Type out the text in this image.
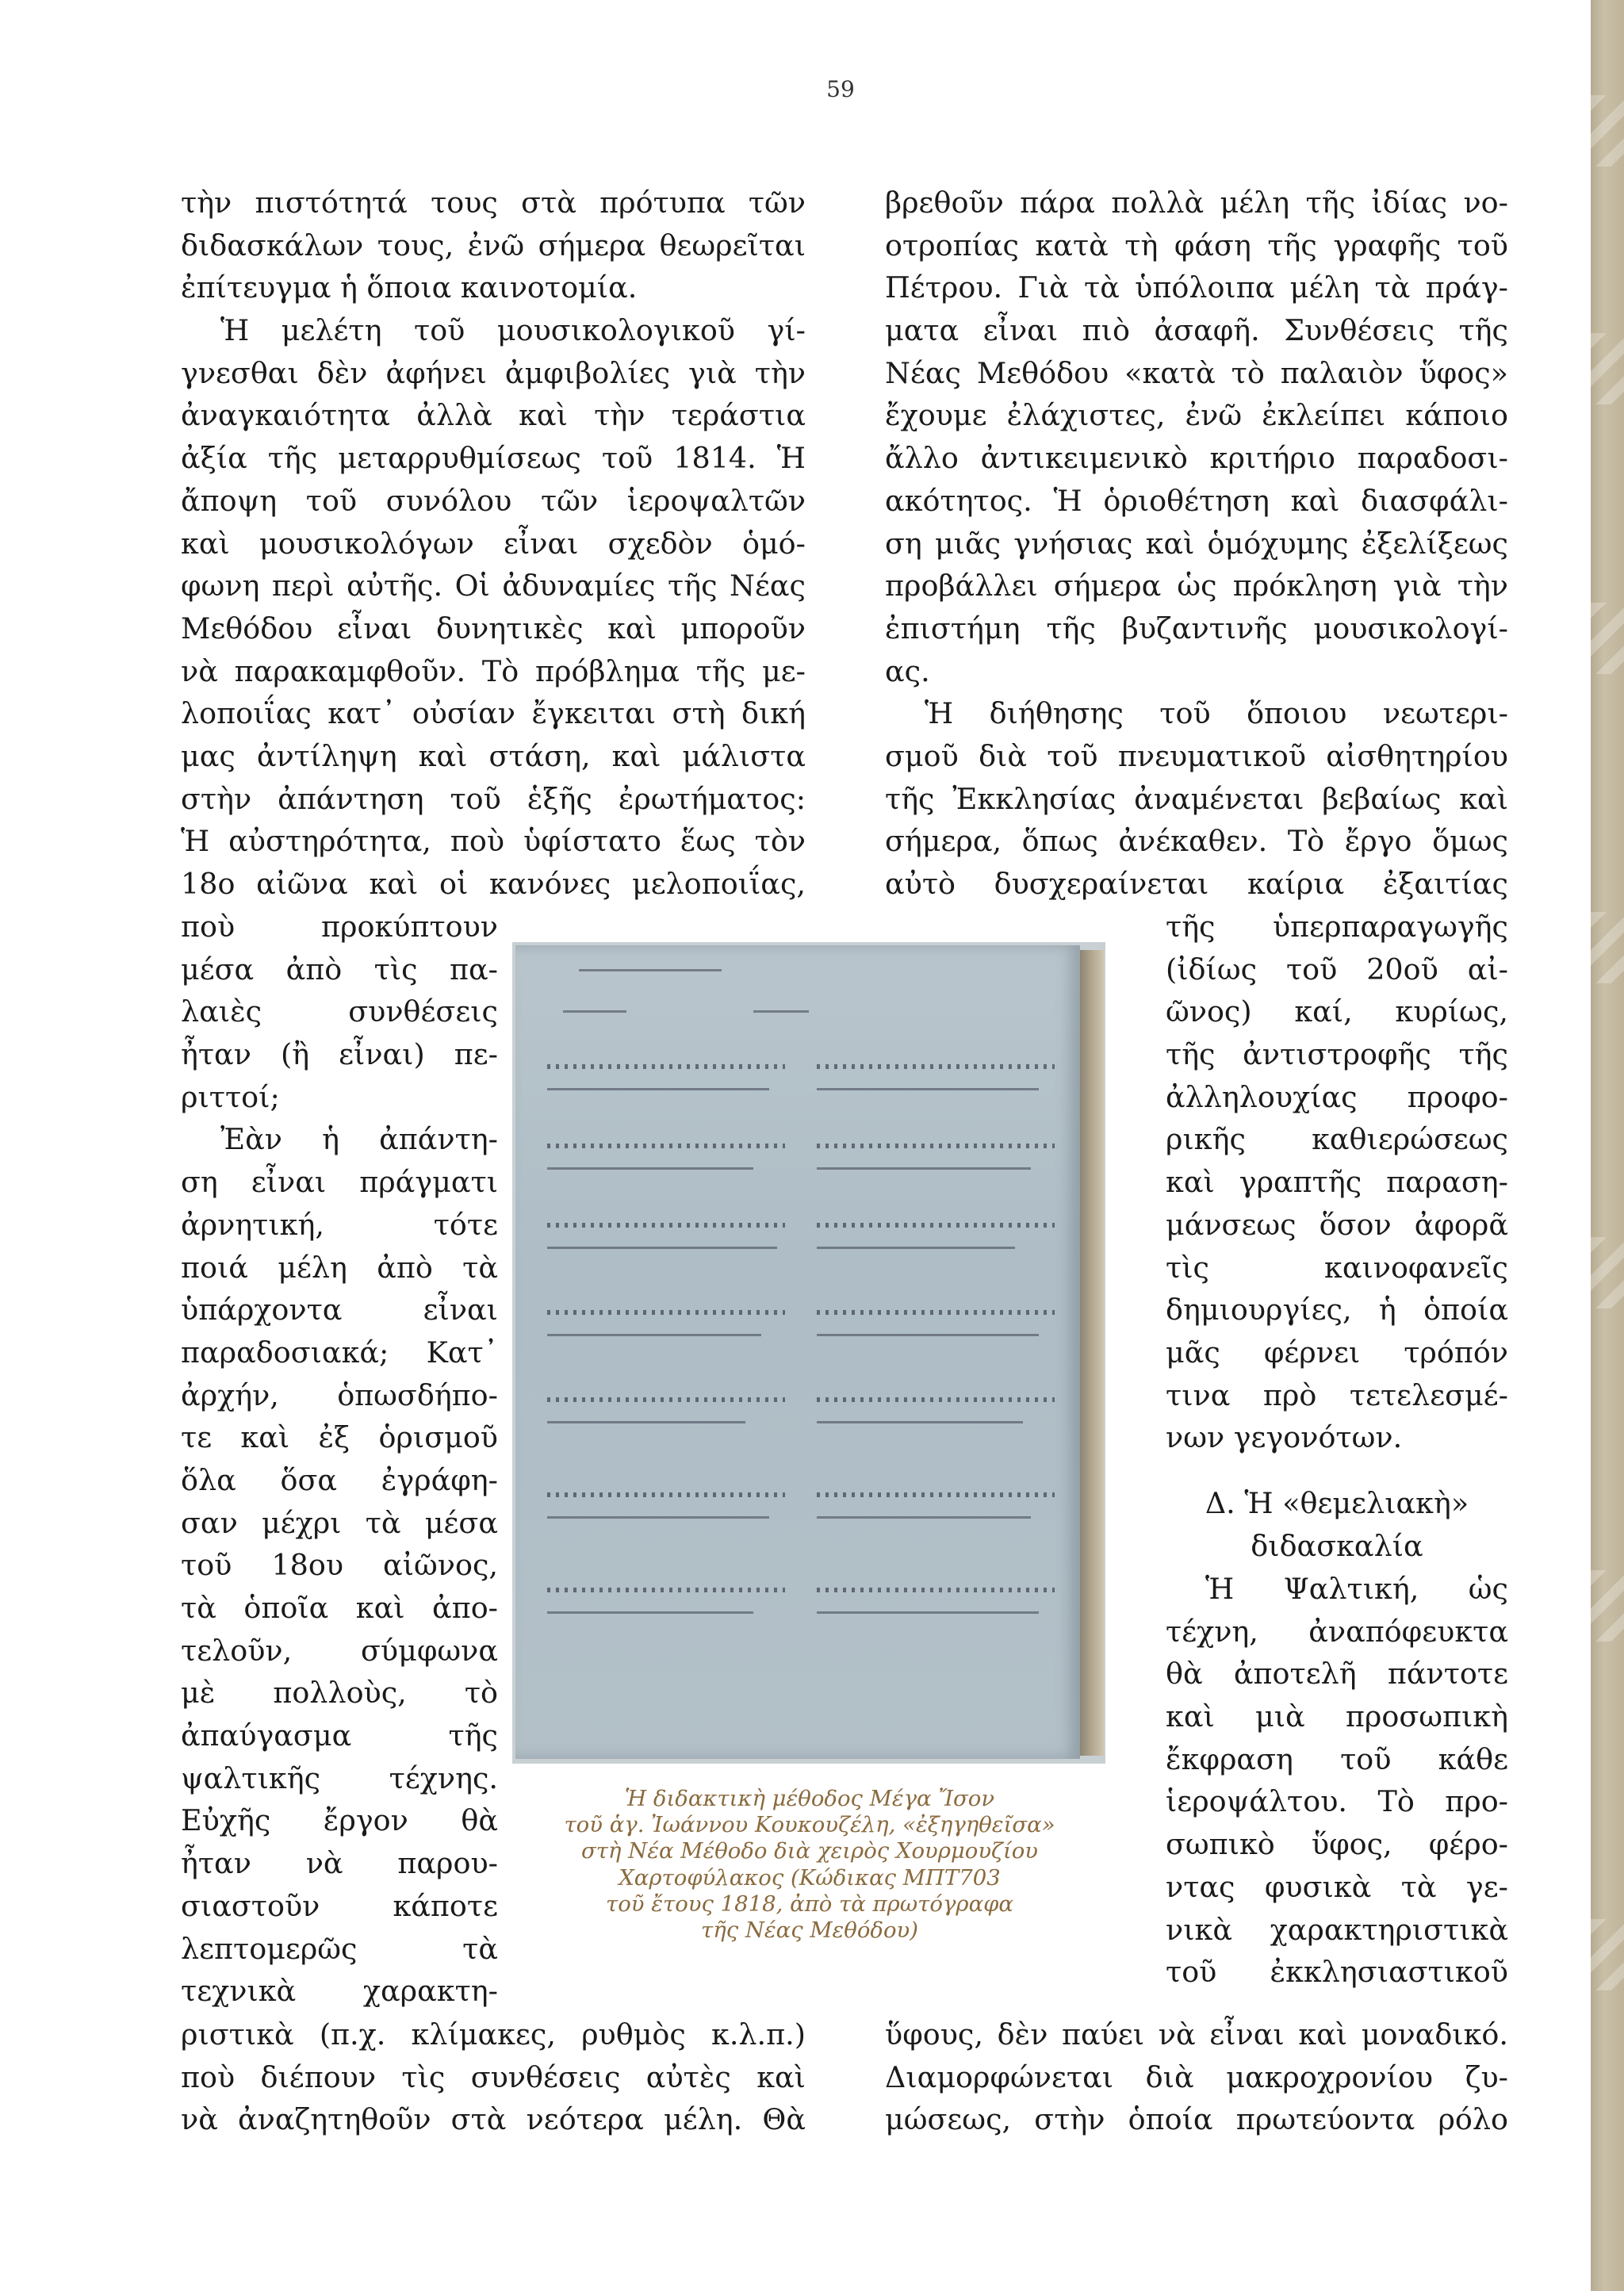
59
τὴν πιστότητά τους στὰ πρότυπα τῶν
διδασκάλων τους, ἐνῶ σήμερα θεωρεῖται
ἐπίτευγμα ἡ ὅποια καινοτομία.
Ἡ μελέτη τοῦ μουσικολογικοῦ γί-
γνεσθαι δὲν ἀφήνει ἀμφιβολίες γιὰ τὴν
ἀναγκαιότητα ἀλλὰ καὶ τὴν τεράστια
ἀξία τῆς μεταρρυθμίσεως τοῦ 1814. Ἡ
ἄποψη τοῦ συνόλου τῶν ἱεροψαλτῶν
καὶ μουσικολόγων εἶναι σχεδὸν ὁμό-
φωνη περὶ αὐτῆς. Οἱ ἀδυναμίες τῆς Νέας
Μεθόδου εἶναι δυνητικὲς καὶ μποροῦν
νὰ παρακαμφθοῦν. Τὸ πρόβλημα τῆς με-
λοποιΐας κατ᾽ οὐσίαν ἔγκειται στὴ δική
μας ἀντίληψη καὶ στάση, καὶ μάλιστα
στὴν ἀπάντηση τοῦ ἑξῆς ἐρωτήματος:
Ἡ αὐστηρότητα, ποὺ ὑφίστατο ἕως τὸν
18ο αἰῶνα καὶ οἱ κανόνες μελοποιΐας,
ποὺ προκύπτουν
μέσα ἀπὸ τὶς πα-
λαιὲς συνθέσεις
ἦταν (ἢ εἶναι) πε-
ριττοί;
Ἐὰν ἡ ἀπάντη-
ση εἶναι πράγματι
ἀρνητική, τότε
ποιά μέλη ἀπὸ τὰ
ὑπάρχοντα εἶναι
παραδοσιακά; Κατ᾽
ἀρχήν, ὁπωσδήπο-
τε καὶ ἐξ ὁρισμοῦ
ὅλα ὅσα ἐγράφη-
σαν μέχρι τὰ μέσα
τοῦ 18ου αἰῶνος,
τὰ ὁποῖα καὶ ἀπο-
τελοῦν, σύμφωνα
μὲ πολλοὺς, τὸ
ἀπαύγασμα τῆς
ψαλτικῆς τέχνης.
Εὐχῆς ἔργον θὰ
ἦταν νὰ παρου-
σιαστοῦν κάποτε
λεπτομερῶς τὰ
τεχνικὰ χαρακτη-
ριστικὰ (π.χ. κλίμακες, ρυθμὸς κ.λ.π.)
ποὺ διέπουν τὶς συνθέσεις αὐτὲς καὶ
νὰ ἀναζητηθοῦν στὰ νεότερα μέλη. Θὰ
βρεθοῦν πάρα πολλὰ μέλη τῆς ἰδίας νο-
οτροπίας κατὰ τὴ φάση τῆς γραφῆς τοῦ
Πέτρου. Γιὰ τὰ ὑπόλοιπα μέλη τὰ πράγ-
ματα εἶναι πιὸ ἀσαφῆ. Συνθέσεις τῆς
Νέας Μεθόδου «κατὰ τὸ παλαιὸν ὕφος»
ἔχουμε ἐλάχιστες, ἐνῶ ἐκλείπει κάποιο
ἄλλο ἀντικειμενικὸ κριτήριο παραδοσι-
ακότητος. Ἡ ὁριοθέτηση καὶ διασφάλι-
ση μιᾶς γνήσιας καὶ ὁμόχυμης ἐξελίξεως
προβάλλει σήμερα ὡς πρόκληση γιὰ τὴν
ἐπιστήμη τῆς βυζαντινῆς μουσικολογί-
ας.
Ἡ διήθησης τοῦ ὅποιου νεωτερι-
σμοῦ διὰ τοῦ πνευματικοῦ αἰσθητηρίου
τῆς Ἐκκλησίας ἀναμένεται βεβαίως καὶ
σήμερα, ὅπως ἀνέκαθεν. Τὸ ἔργο ὅμως
αὐτὸ δυσχεραίνεται καίρια ἐξαιτίας
τῆς ὑπερπαραγωγῆς
(ἰδίως τοῦ 20οῦ αἰ-
ῶνος) καί, κυρίως,
τῆς ἀντιστροφῆς τῆς
ἀλληλουχίας προφο-
ρικῆς καθιερώσεως
καὶ γραπτῆς παραση-
μάνσεως ὅσον ἀφορᾶ
τὶς καινοφανεῖς
δημιουργίες, ἡ ὁποία
μᾶς φέρνει τρόπόν
τινα πρὸ τετελεσμέ-
νων γεγονότων.
Δ. Ἡ «θεμελιακὴ»
διδασκαλία
Ἡ Ψαλτική, ὡς
τέχνη, ἀναπόφευκτα
θὰ ἀποτελῆ πάντοτε
καὶ μιὰ προσωπικὴ
ἔκφραση τοῦ κάθε
ἱεροψάλτου. Τὸ προ-
σωπικὸ ὕφος, φέρο-
ντας φυσικὰ τὰ γε-
νικὰ χαρακτηριστικὰ
τοῦ ἐκκλησιαστικοῦ
ὕφους, δὲν παύει νὰ εἶναι καὶ μοναδικό.
Διαμορφώνεται διὰ μακροχρονίου ζυ-
μώσεως, στὴν ὁποία πρωτεύοντα ρόλο
Ἡ διδακτικὴ μέθοδος Μέγα Ἴσον
τοῦ ἁγ. Ἰωάννου Κουκουζέλη, «ἐξηγηθεῖσα»
στὴ Νέα Μέθοδο διὰ χειρὸς Χουρμουζίου
Χαρτοφύλακος (Κώδικας ΜΠΤ703
τοῦ ἔτους 1818, ἀπὸ τὰ πρωτόγραφα
τῆς Νέας Μεθόδου)
